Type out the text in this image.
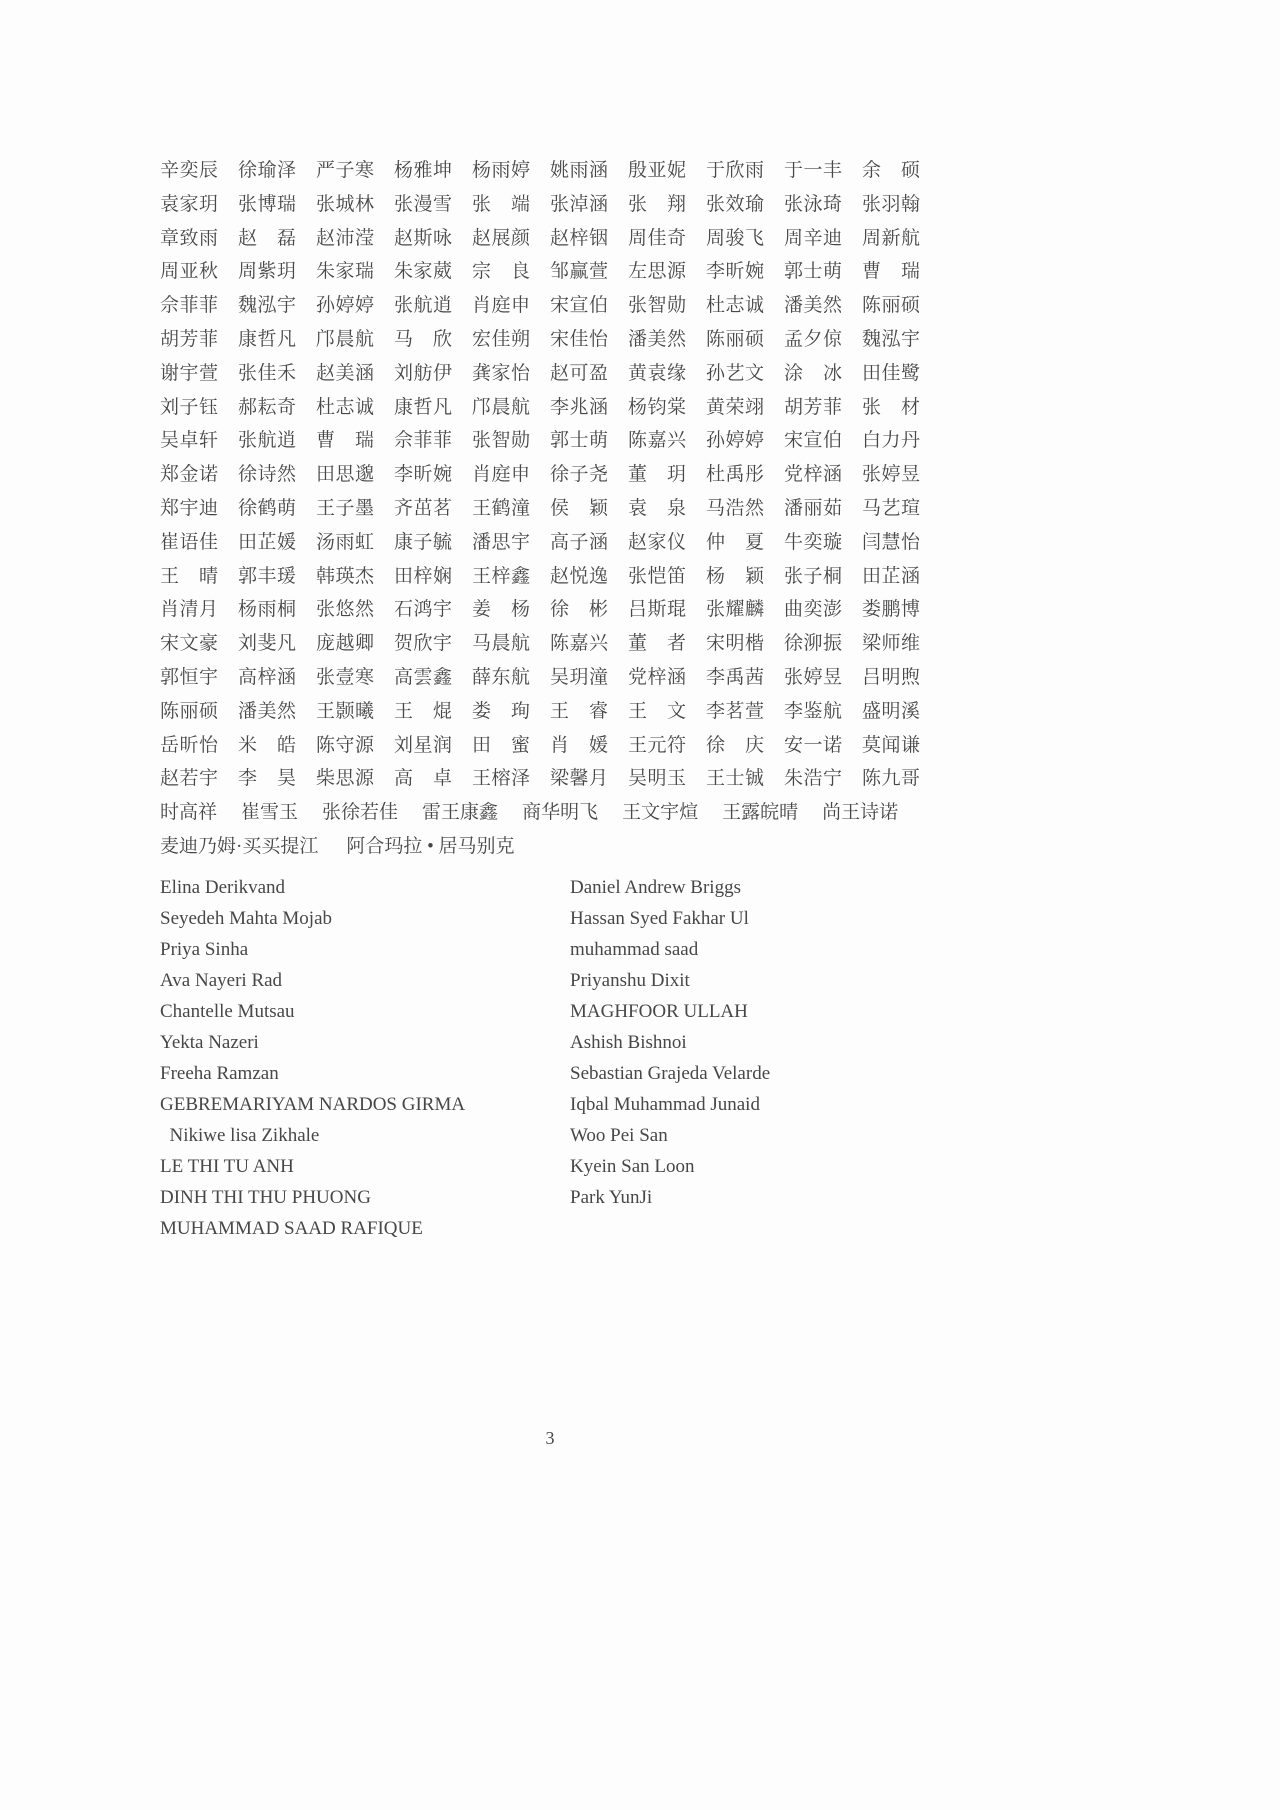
辛奕辰	徐瑜泽	严子寒	杨雅坤	杨雨婷	姚雨涵	殷亚妮	于欣雨	于一丰	余　硕
袁家玥	张博瑞	张城林	张漫雪	张　端	张淖涵	张　翔	张效瑜	张泳琦	张羽翰
章致雨	赵　磊	赵沛滢	赵斯咏	赵展颜	赵梓铟	周佳奇	周骏飞	周辛迪	周新航
周亚秋	周紫玥	朱家瑞	朱家葳	宗　良	邹赢萱	左思源	李昕婉	郭士萌	曹　瑞
佘菲菲	魏泓宇	孙婷婷	张航逍	肖庭申	宋宣伯	张智勋	杜志诚	潘美然	陈丽硕
胡芳菲	康哲凡	邝晨航	马　欣	宏佳朔	宋佳怡	潘美然	陈丽硕	孟夕倞	魏泓宇
谢宇萱	张佳禾	赵美涵	刘舫伊	龚家怡	赵可盈	黄袁缘	孙艺文	涂　冰	田佳鹭
刘子钰	郝耘奇	杜志诚	康哲凡	邝晨航	李兆涵	杨钧棠	黄荣翊	胡芳菲	张　材
吴卓轩	张航逍	曹　瑞	佘菲菲	张智勋	郭士萌	陈嘉兴	孙婷婷	宋宣伯	白力丹
郑金诺	徐诗然	田思邈	李昕婉	肖庭申	徐子尧	董　玥	杜禹彤	党梓涵	张婷昱
郑宇迪	徐鹤萌	王子墨	齐茁茗	王鹤潼	侯　颖	袁　泉	马浩然	潘丽茹	马艺瑄
崔语佳	田芷媛	汤雨虹	康子毓	潘思宇	高子涵	赵家仪	仲　夏	牛奕璇	闫慧怡
王　晴	郭丰瑗	韩瑛杰	田梓娴	王梓鑫	赵悦逸	张恺笛	杨　颖	张子桐	田芷涵
肖清月	杨雨桐	张悠然	石鸿宇	姜　杨	徐　彬	吕斯琨	张耀麟	曲奕澎	娄鹏博
宋文豪	刘斐凡	庞越卿	贺欣宇	马晨航	陈嘉兴	董　者	宋明楷	徐泖振	梁师维
郭恒宇	高梓涵	张壹寒	高雲鑫	薛东航	吴玥潼	党梓涵	李禹茜	张婷昱	吕明煦
陈丽硕	潘美然	王颢曦	王　焜	娄　珣	王　睿	王　文	李茗萱	李鉴航	盛明溪
岳昕怡	米　皓	陈守源	刘星润	田　蜜	肖　媛	王元符	徐　庆	安一诺	莫闻谦
赵若宇	李　昊	柴思源	高　卓	王榕泽	梁馨月	吴明玉	王士铖	朱浩宁	陈九哥
时高祥 崔雪玉 张徐若佳 雷王康鑫 商华明飞 王文宇煊 王露皖晴 尚王诗诺
麦迪乃姆·买买提江 阿合玛拉 • 居马别克
Elina Derikvand	Daniel Andrew Briggs
Seyedeh Mahta Mojab	Hassan Syed Fakhar Ul
Priya Sinha	muhammad saad
Ava Nayeri Rad	Priyanshu Dixit
Chantelle Mutsau	MAGHFOOR ULLAH
Yekta Nazeri	Ashish Bishnoi
Freeha Ramzan	Sebastian Grajeda Velarde
GEBREMARIYAM NARDOS GIRMA	Iqbal Muhammad Junaid
Nikiwe lisa Zikhale	Woo Pei San
LE THI TU ANH	Kyein San Loon
DINH THI THU PHUONG	Park YunJi
MUHAMMAD SAAD RAFIQUE
3
